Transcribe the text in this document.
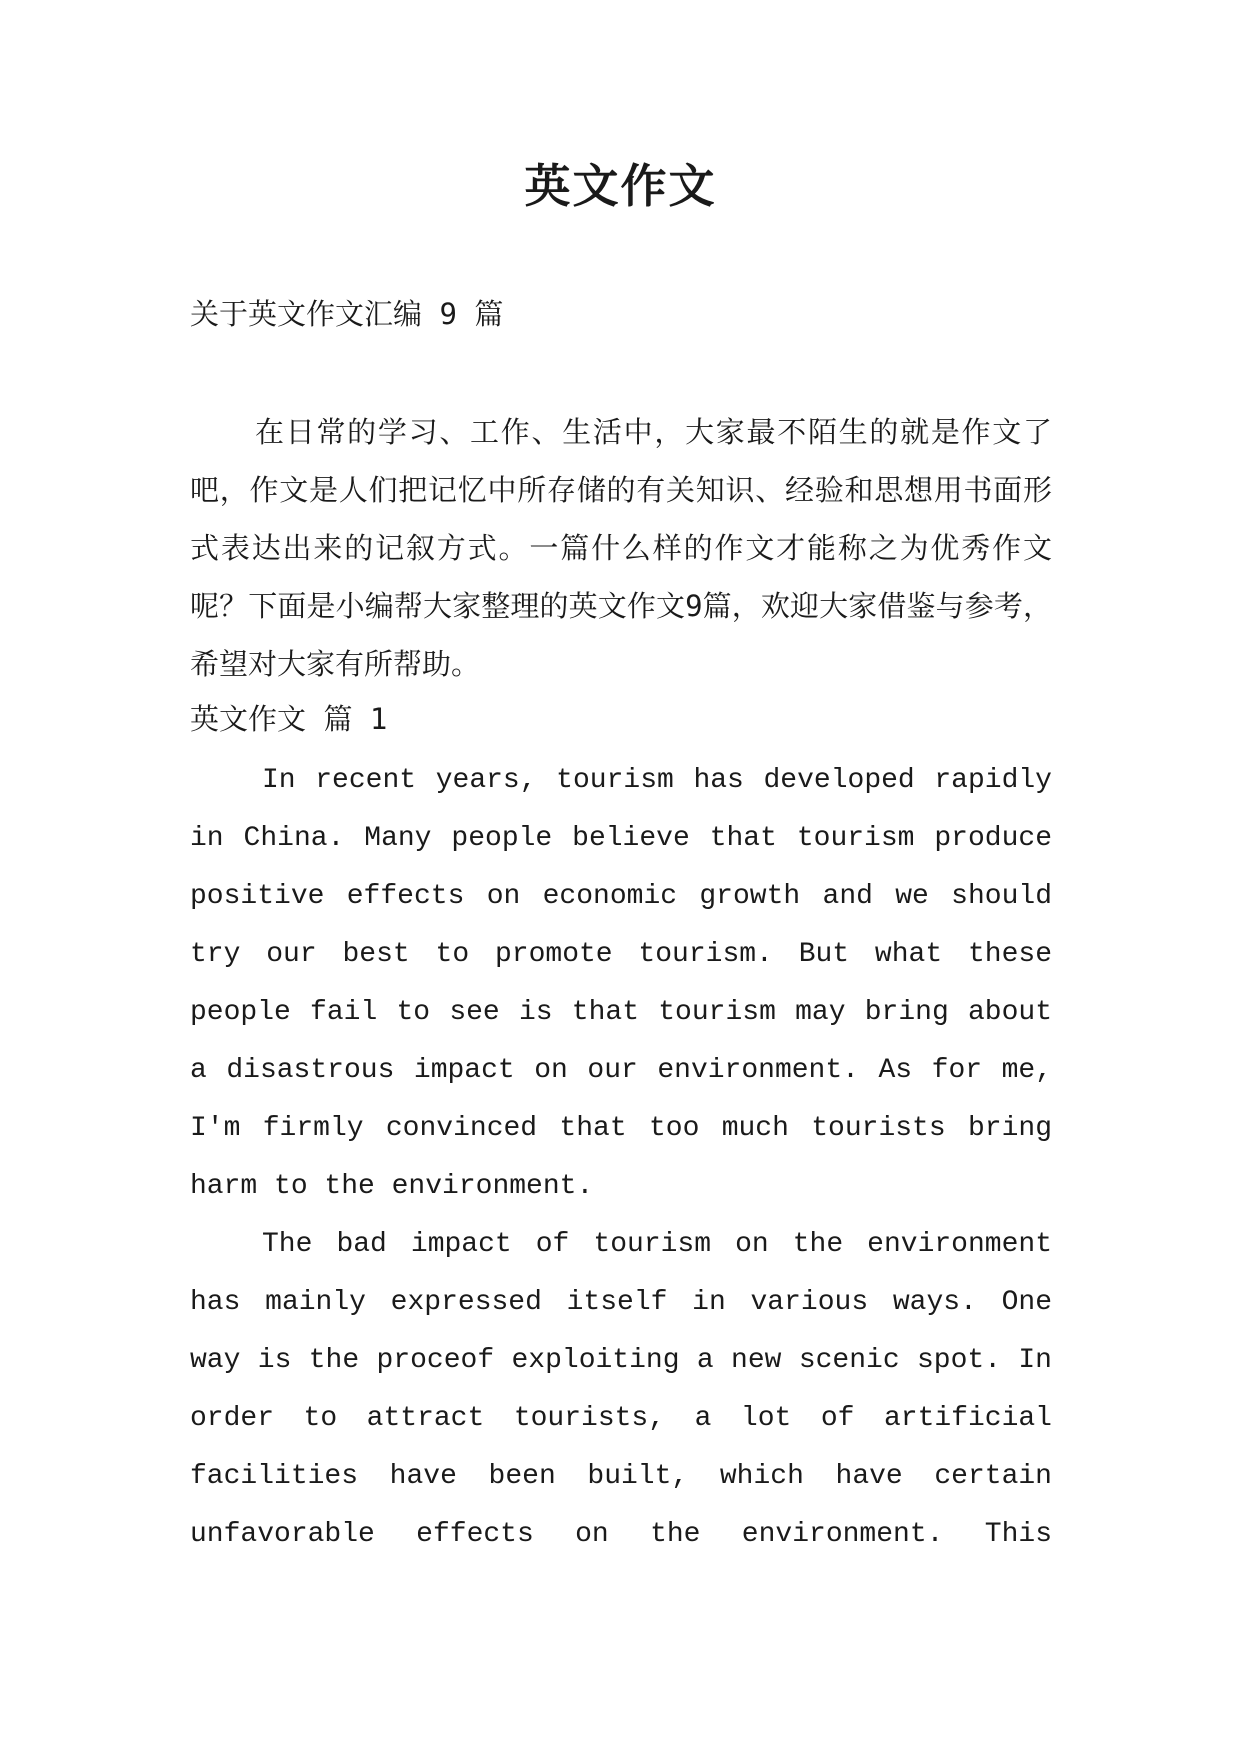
英文作文

关于英文作文汇编 9 篇

在日常的学习、工作、生活中，大家最不陌生的就是作文了吧，作文是人们把记忆中所存储的有关知识、经验和思想用书面形式表达出来的记叙方式。一篇什么样的作文才能称之为优秀作文呢？下面是小编帮大家整理的英文作文9篇，欢迎大家借鉴与参考，希望对大家有所帮助。

英文作文 篇 1

In recent years, tourism has developed rapidly in China. Many people believe that tourism produce positive effects on economic growth and we should try our best to promote tourism. But what these people fail to see is that tourism may bring about a disastrous impact on our environment. As for me, I'm firmly convinced that too much tourists bring harm to the environment.

The bad impact of tourism on the environment has mainly expressed itself in various ways. One way is the proceof exploiting a new scenic spot. In order to attract tourists, a lot of artificial facilities have been built, which have certain unfavorable effects on the environment. This
